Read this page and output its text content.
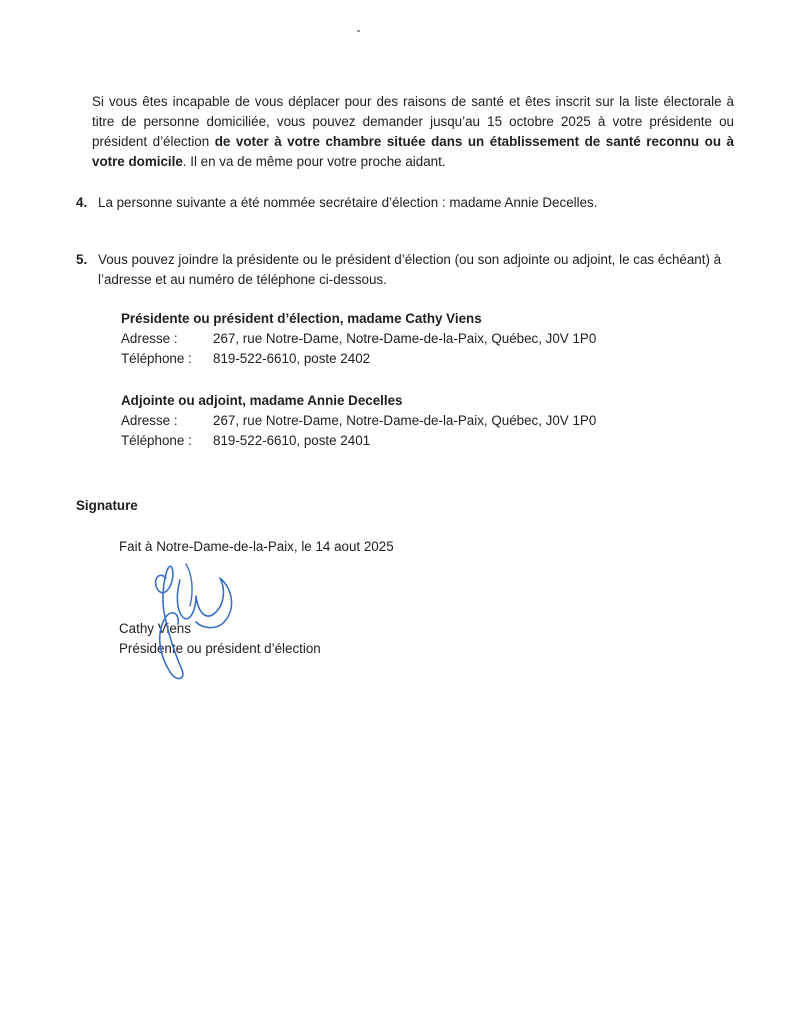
Si vous êtes incapable de vous déplacer pour des raisons de santé et êtes inscrit sur la liste électorale à titre de personne domiciliée, vous pouvez demander jusqu’au 15 octobre 2025 à votre présidente ou président d’élection de voter à votre chambre située dans un établissement de santé reconnu ou à votre domicile. Il en va de même pour votre proche aidant.

4. La personne suivante a été nommée secrétaire d’élection : madame Annie Decelles.
5. Vous pouvez joindre la présidente ou le président d’élection (ou son adjointe ou adjoint, le cas échéant) à l’adresse et au numéro de téléphone ci-dessous.
Présidente ou président d’élection, madame Cathy Viens
Adresse :	267, rue Notre-Dame, Notre-Dame-de-la-Paix, Québec, J0V 1P0
Téléphone :	819-522-6610, poste 2402
Adjointe ou adjoint, madame Annie Decelles
Adresse :	267, rue Notre-Dame, Notre-Dame-de-la-Paix, Québec, J0V 1P0
Téléphone :	819-522-6610, poste 2401
Signature
Fait à Notre-Dame-de-la-Paix, le 14 aout 2025
Cathy Viens
Présidente ou président d’élection
